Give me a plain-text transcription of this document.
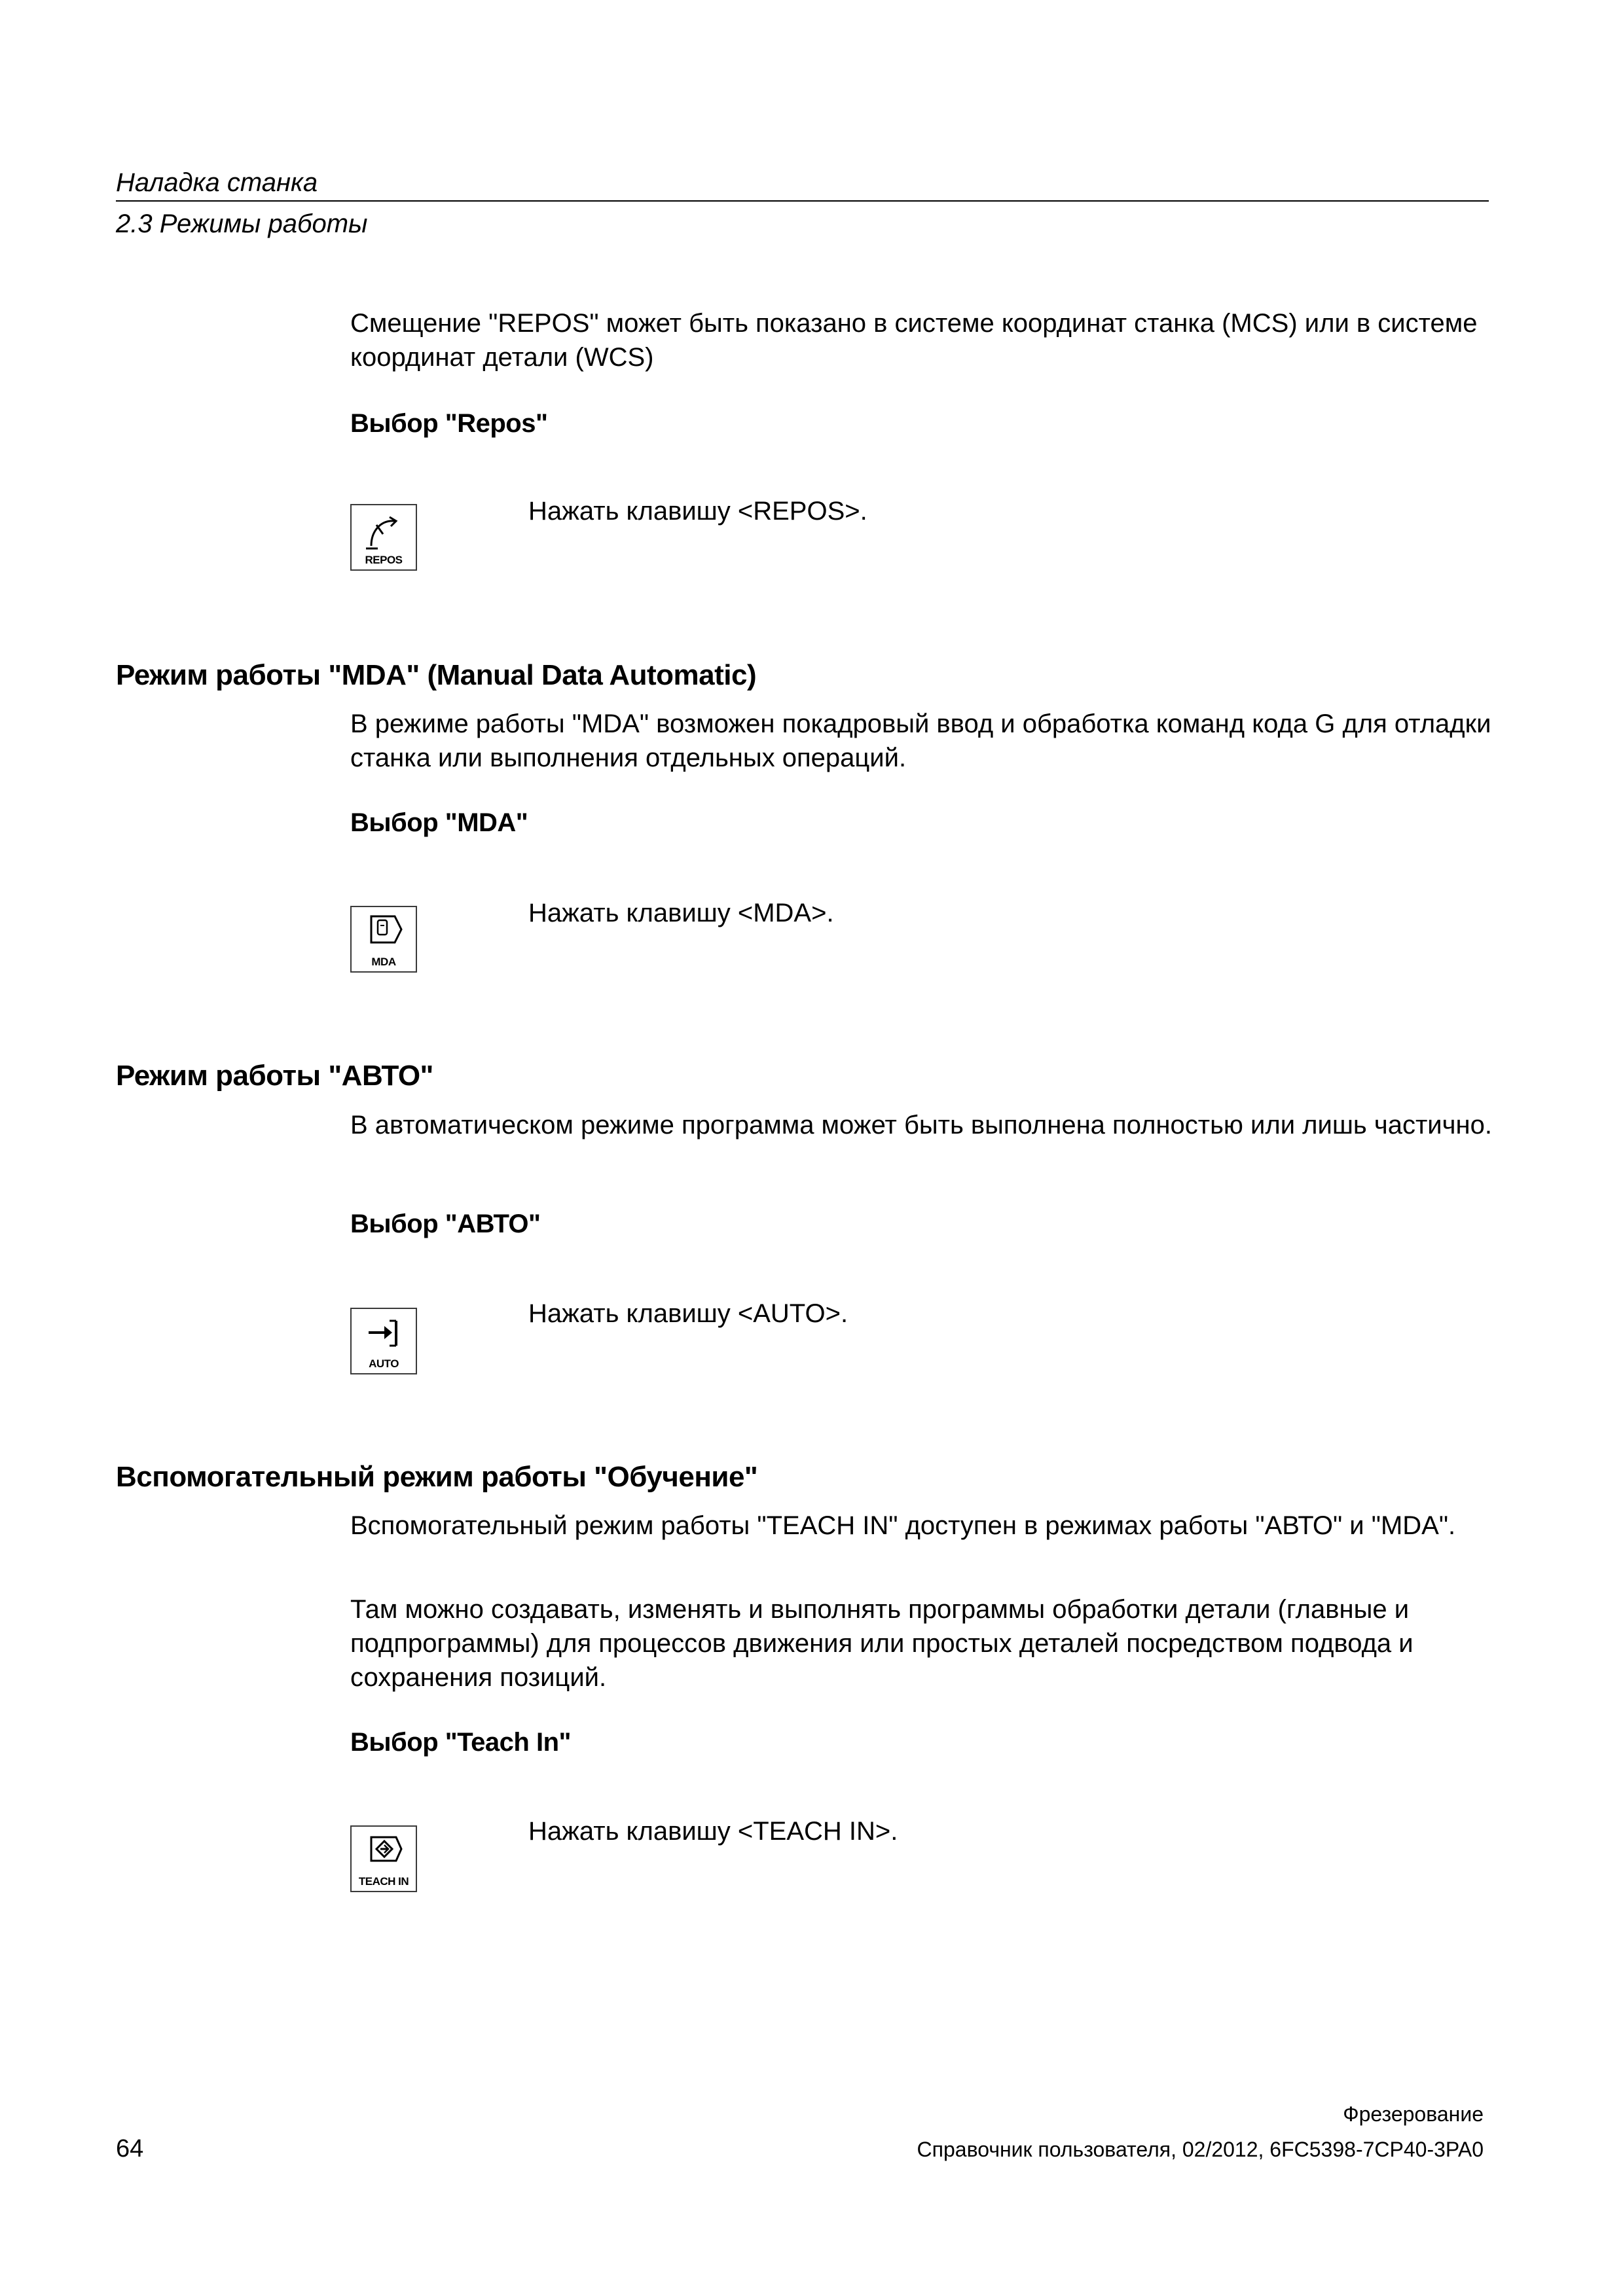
Наладка станка
2.3 Режимы работы
Смещение "REPOS" может быть показано в системе координат станка (MCS) или в системе координат детали (WCS)
Выбор "Repos"
REPOS
Нажать клавишу <REPOS>.
Режим работы "MDA" (Manual Data Automatic)
В режиме работы "MDA" возможен покадровый ввод и обработка команд кода G для отладки станка или выполнения отдельных операций.
Выбор "MDA"
MDA
Нажать клавишу <MDA>.
Режим работы "АВТО"
В автоматическом режиме программа может быть выполнена полностью или лишь частично.
Выбор "АВТО"
AUTO
Нажать клавишу <AUTO>.
Вспомогательный режим работы "Обучение"
Вспомогательный режим работы "TEACH IN" доступен в режимах работы "АВТО" и "MDA".
Там можно создавать, изменять и выполнять программы обработки детали (главные и подпрограммы) для процессов движения или простых деталей посредством подвода и сохранения позиций.
Выбор "Teach In"
TEACH IN
Нажать клавишу <TEACH IN>.
Фрезерование
64	Справочник пользователя, 02/2012, 6FC5398-7CP40-3PA0
